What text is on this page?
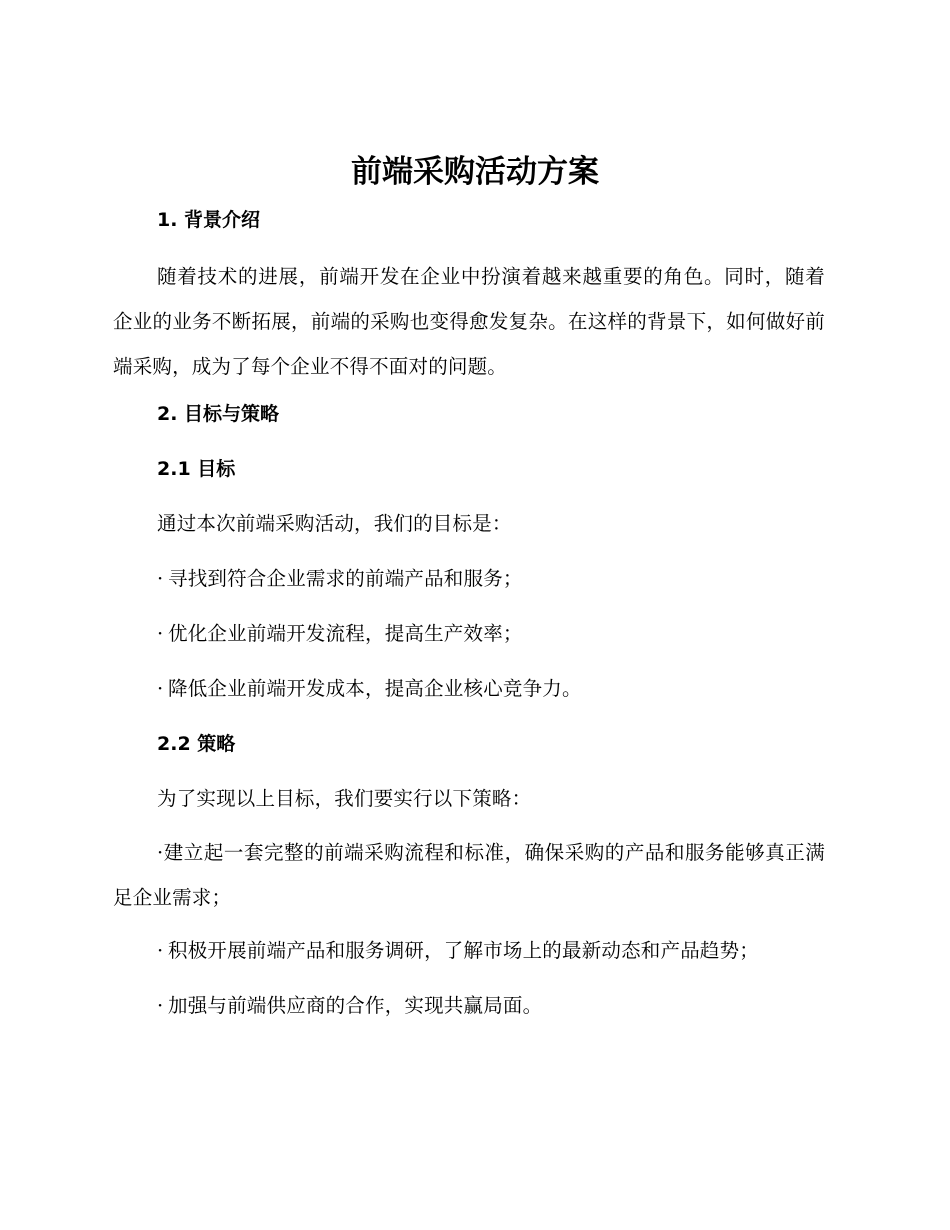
前端采购活动方案
1. 背景介绍

随着技术的进展，前端开发在企业中扮演着越来越重要的角色。同时，随着企业的业务不断拓展，前端的采购也变得愈发复杂。在这样的背景下，如何做好前端采购，成为了每个企业不得不面对的问题。

2. 目标与策略
2.1 目标

通过本次前端采购活动，我们的目标是：

· 寻找到符合企业需求的前端产品和服务；

· 优化企业前端开发流程，提高生产效率；

· 降低企业前端开发成本，提高企业核心竞争力。

2.2 策略

为了实现以上目标，我们要实行以下策略：

·建立起一套完整的前端采购流程和标准，确保采购的产品和服务能够真正满足企业需求；

· 积极开展前端产品和服务调研，了解市场上的最新动态和产品趋势；

· 加强与前端供应商的合作，实现共赢局面。
